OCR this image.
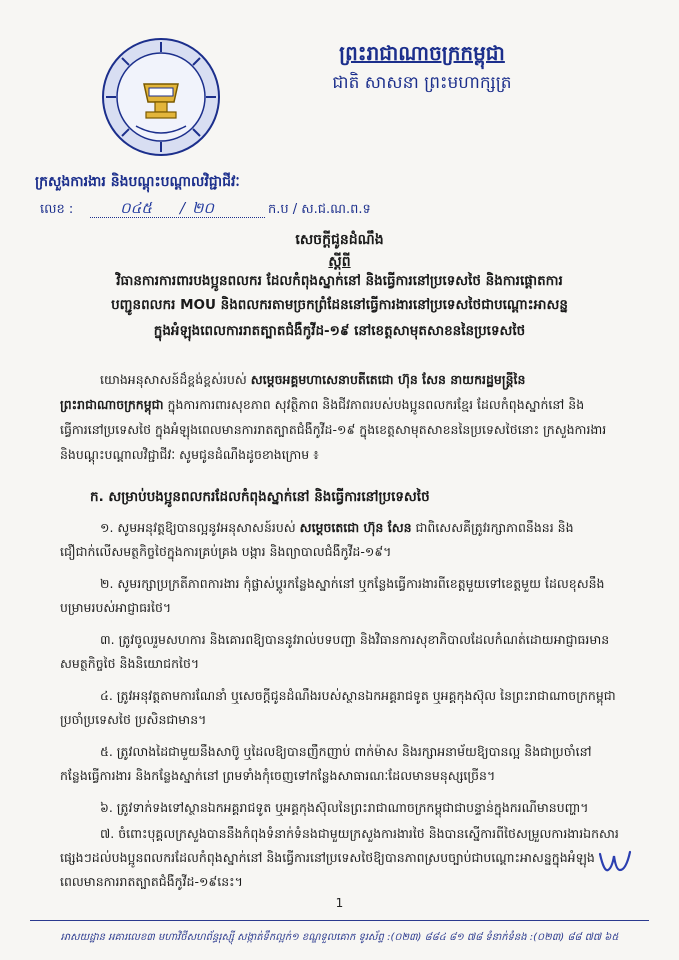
ព្រះរាជាណាចក្រកម្ពុជា
ជាតិ សាសនា ព្រះមហាក្សត្រ
ក្រសួងការងារ និងបណ្ដុះបណ្ដាលវិជ្ជាជីវៈ
លេខ :	០៤៥ / ២០	ក.ប / ស.ជ.ណ.ព.ទ
សេចក្ដីជូនដំណឹង
ស្ដីពី
វិធានការការពារបងប្អូនពលករ ដែលកំពុងស្នាក់នៅ និងធ្វើការនៅប្រទេសថៃ និងការផ្ដោតការ
បញ្ជូនពលករ MOU និងពលករតាមច្រកព្រំដែននៅធ្វើការងារនៅប្រទេសថៃជាបណ្ដោះអាសន្ន
ក្នុងអំឡុងពេលការរាតត្បាតជំងឺកូវីដ-១៩ នៅខេត្តសាមុតសាខននៃប្រទេសថៃ
យោងអនុសាសន៍ដ៏ខ្ពង់ខ្ពស់របស់ សម្ដេចអគ្គមហាសេនាបតីតេជោ ហ៊ុន សែន នាយករដ្ឋមន្ត្រីនៃ
ព្រះរាជាណាចក្រកម្ពុជា ក្នុងការការពារសុខភាព សុវត្ថិភាព និងជីវភាពរបស់បងប្អូនពលករខ្មែរ ដែលកំពុងស្នាក់នៅ និង
ធ្វើការនៅប្រទេសថៃ ក្នុងអំឡុងពេលមានការរាតត្បាតជំងឺកូវីដ-១៩ ក្នុងខេត្តសាមុតសាខននៃប្រទេសថៃនោះ ក្រសួងការងារ
និងបណ្ដុះបណ្ដាលវិជ្ជាជីវៈ សូមជូនដំណឹងដូចខាងក្រោម ៖
ក. សម្រាប់បងប្អូនពលករដែលកំពុងស្នាក់នៅ និងធ្វើការនៅប្រទេសថៃ
១. សូមអនុវត្តឱ្យបានល្អនូវអនុសាសន៍របស់ សម្ដេចតេជោ ហ៊ុន សែន ជាពិសេសគឺត្រូវរក្សាភាពនឹងនរ និង
ជឿជាក់លើសមត្ថកិច្ចថៃក្នុងការគ្រប់គ្រង បង្ការ និងព្យាបាលជំងឺកូវីដ-១៩។
២. សូមរក្សាប្រក្រតីភាពការងារ កុំផ្លាស់ប្ដូរកន្លែងស្នាក់នៅ ឬកន្លែងធ្វើការងារពីខេត្តមួយទៅខេត្តមួយ ដែលខុសនឹង
បម្រាមរបស់អាជ្ញាធរថៃ។
៣. ត្រូវចូលរួមសហការ និងគោរពឱ្យបាននូវរាល់បទបញ្ជា និងវិធានការសុខាភិបាលដែលកំណត់ដោយអាជ្ញាធរមាន
សមត្ថកិច្ចថៃ និងនិយោជកថៃ។
៤. ត្រូវអនុវត្តតាមការណែនាំ ឬសេចក្ដីជូនដំណឹងរបស់ស្ថានឯកអគ្គរាជទូត ឬអគ្គកុងស៊ុល នៃព្រះរាជាណាចក្រកម្ពុជា
ប្រចាំប្រទេសថៃ ប្រសិនជាមាន។
៥. ត្រូវលាងដៃជាមួយនឹងសាប៊ូ ឬដៃលឱ្យបានញឹកញាប់ ពាក់ម៉ាស និងរក្សាអនាម័យឱ្យបានល្អ និងជាប្រចាំនៅ
កន្លែងធ្វើការងារ និងកន្លែងស្នាក់នៅ ព្រមទាំងកុំចេញទៅកន្លែងសាធារណៈដែលមានមនុស្សច្រើន។
៦. ត្រូវទាក់ទងទៅស្ថានឯកអគ្គរាជទូត ឬអគ្គកុងស៊ុលនៃព្រះរាជាណាចក្រកម្ពុជាជាបន្ទាន់ក្នុងករណីមានបញ្ហា។
៧. ចំពោះបុគ្គលក្រសួងបាននឹងកំពុងទំនាក់ទំនងជាមួយក្រសួងការងារថៃ និងបានស្នើការពីថៃសម្រួលការងារឯកសារ
ផ្សេងៗដល់បងប្អូនពលករដែលកំពុងស្នាក់នៅ និងធ្វើការនៅប្រទេសថៃឱ្យបានភាពស្របច្បាប់ជាបណ្ដោះអាសន្នក្នុងអំឡុង
ពេលមានការរាតត្បាតជំងឺកូវីដ-១៩នេះ។
1
អាសយដ្ឋាន អគារលេខ៣ មហាវិថីសហព័ន្ធរុស្ស៊ី សង្កាត់ទឹកល្អក់១ ខណ្ឌទួលគោក ទូរស័ព្ទ :(០២៣) ៨៨៤ ៨១ ៧៨ ទំនាក់ទំនង :(០២៣) ៨៨ ៧៧ ៦៥
